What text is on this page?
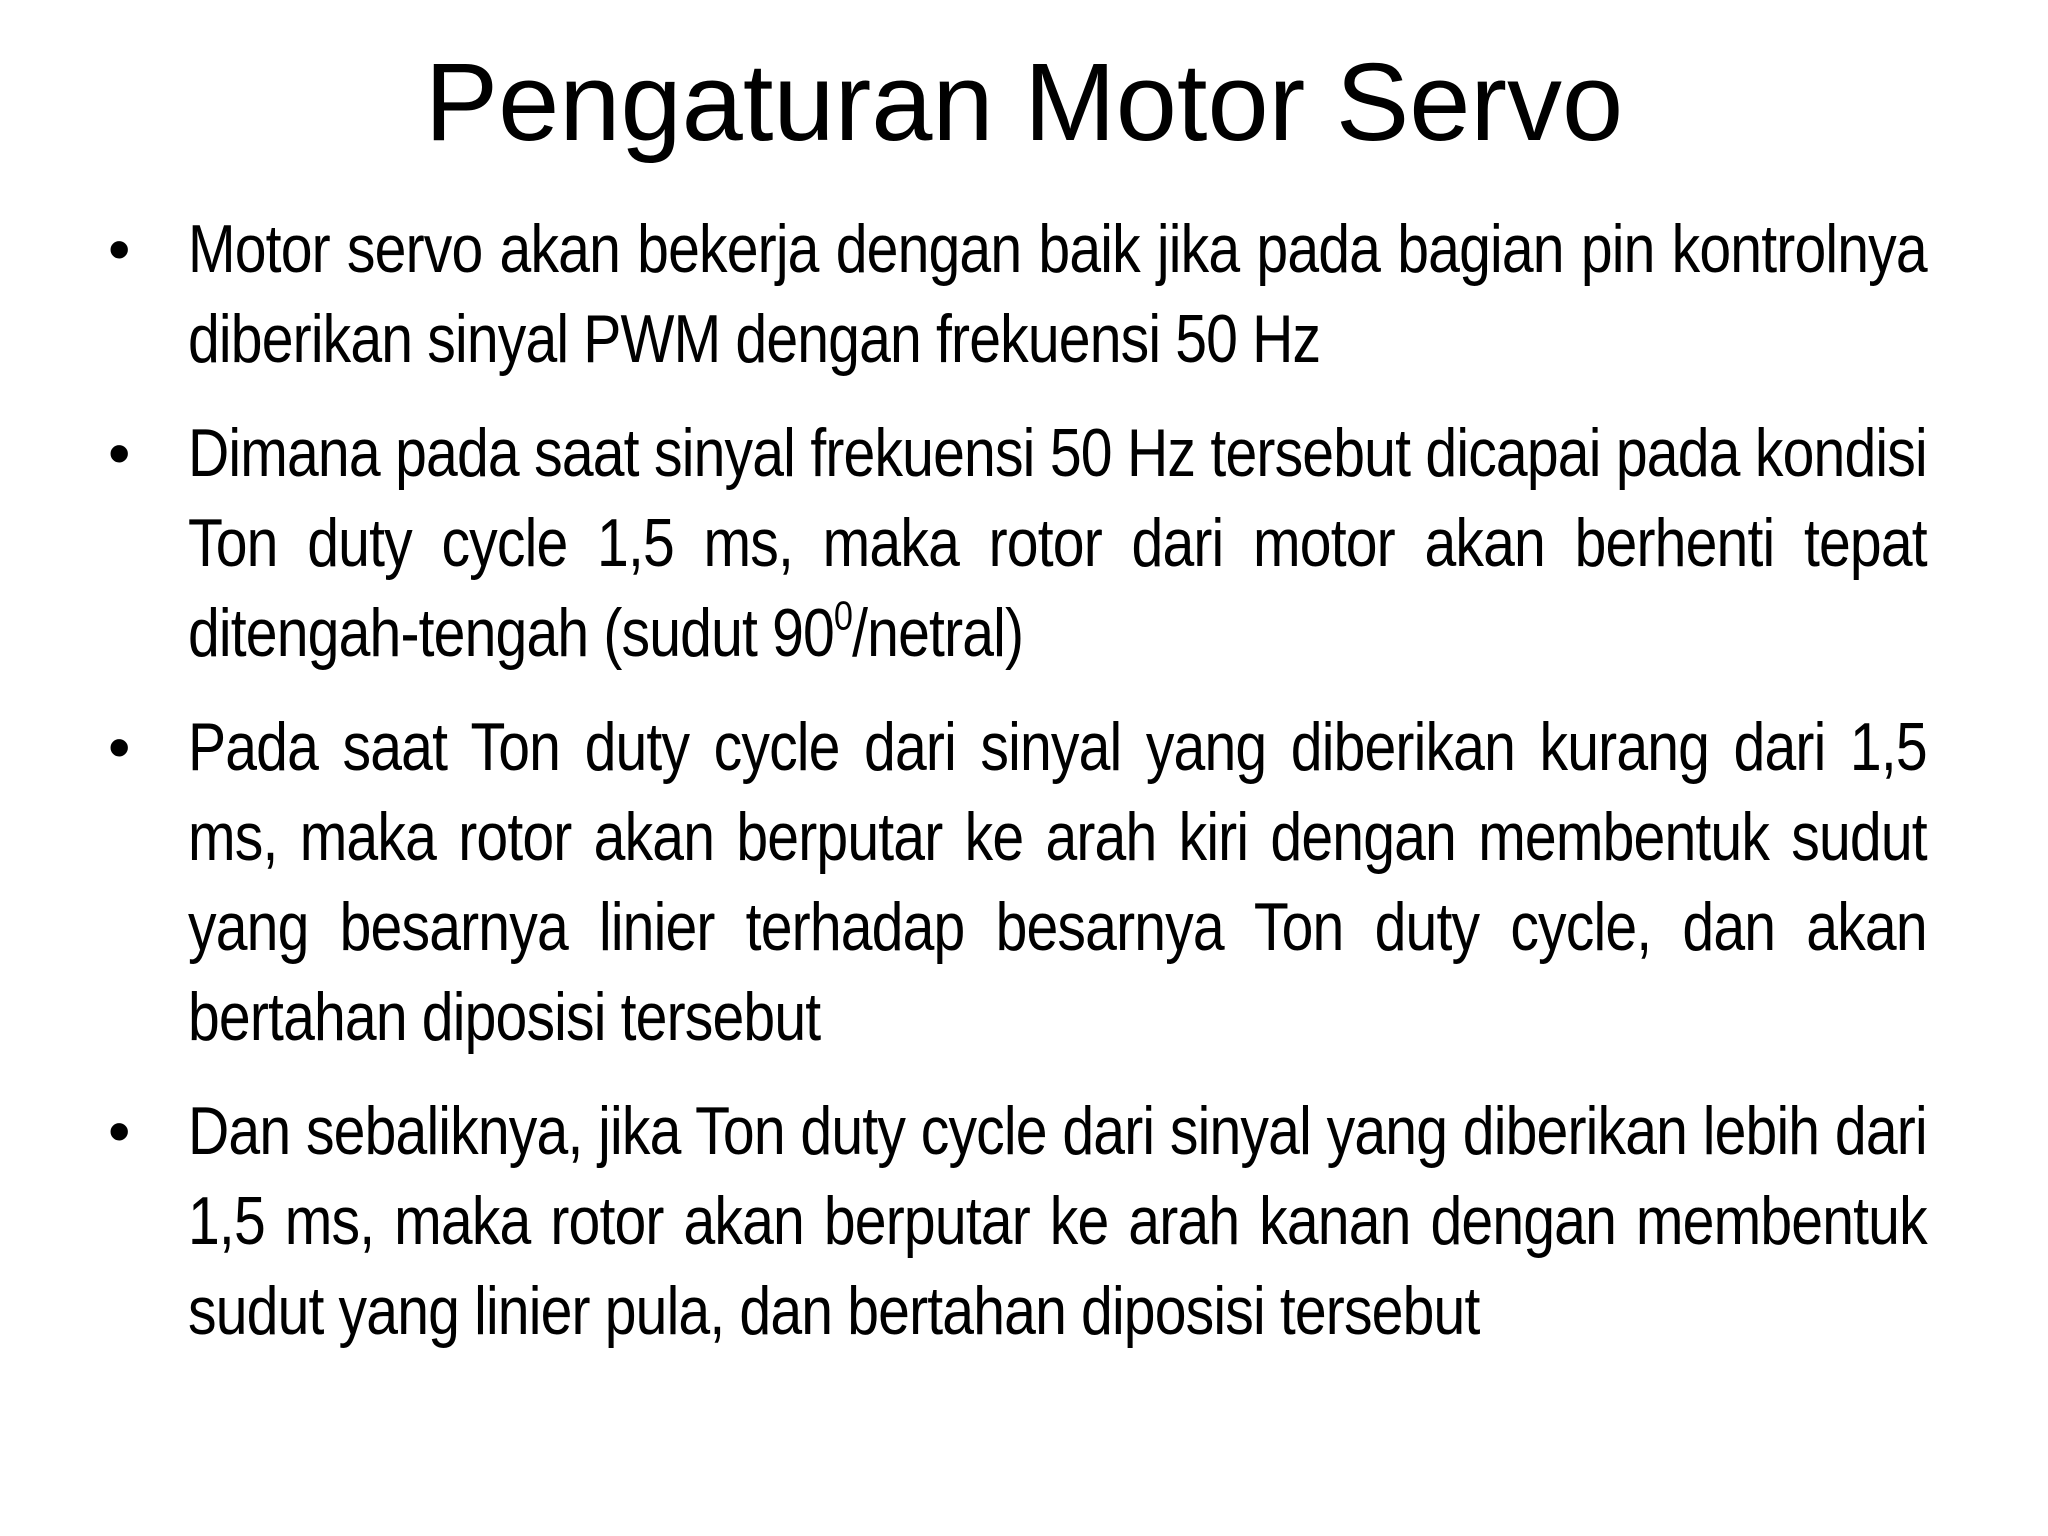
Pengaturan Motor Servo
• Motor servo akan bekerja dengan baik jika pada bagian pin kontrolnya diberikan sinyal PWM dengan frekuensi 50 Hz
• Dimana pada saat sinyal frekuensi 50 Hz tersebut dicapai pada kondisi Ton duty cycle 1,5 ms, maka rotor dari motor akan berhenti tepat ditengah-tengah (sudut $90^0/netral$)
• Pada saat Ton duty cycle dari sinyal yang diberikan kurang dari 1,5 ms, maka rotor akan berputar ke arah kiri dengan membentuk sudut yang besarnya linier terhadap besarnya Ton duty cycle, dan akan bertahan diposisi tersebut
• Dan sebaliknya, jika Ton duty cycle dari sinyal yang diberikan lebih dari 1,5 ms, maka rotor akan berputar ke arah kanan dengan membentuk sudut yang linier pula, dan bertahan diposisi tersebut
